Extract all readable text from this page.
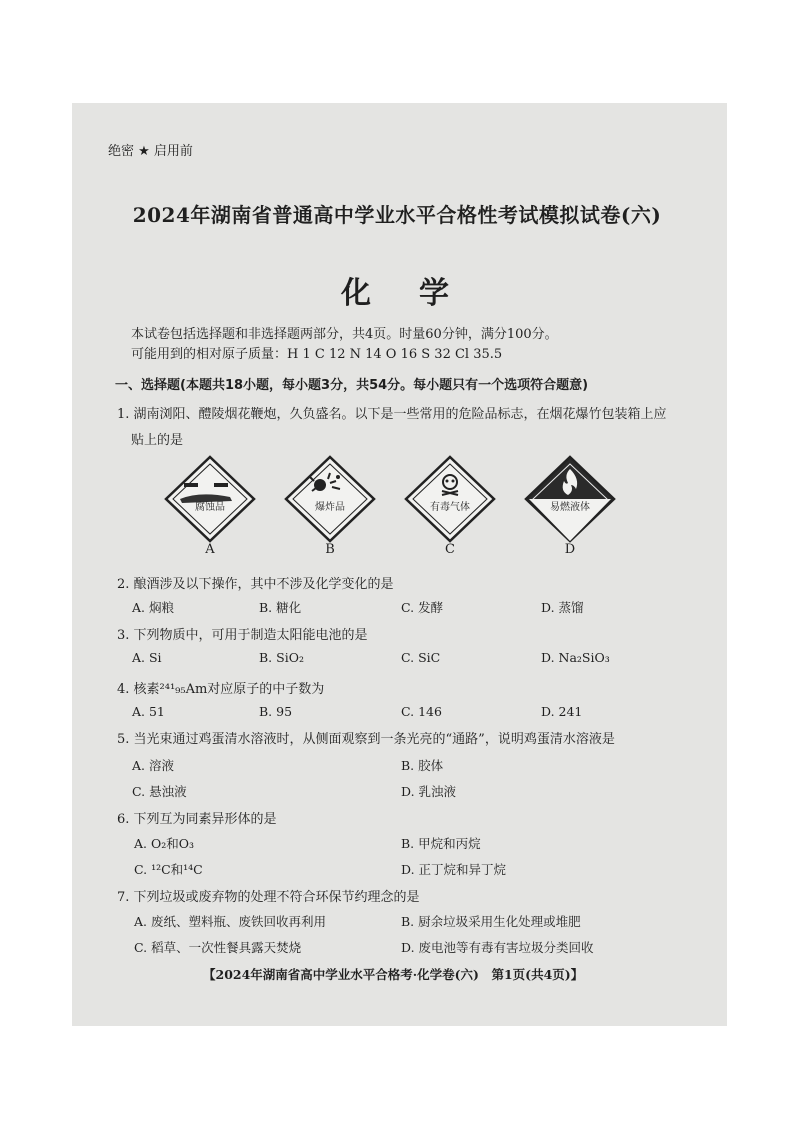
绝密 ★ 启用前
2024年湖南省普通高中学业水平合格性考试模拟试卷(六)
化 学
本试卷包括选择题和非选择题两部分，共4页。时量60分钟，满分100分。
可能用到的相对原子质量：H 1 C 12 N 14 O 16 S 32 Cl 35.5
一、选择题(本题共18小题，每小题3分，共54分。每小题只有一个选项符合题意)
1. 湖南浏阳、醴陵烟花鞭炮，久负盛名。以下是一些常用的危险品标志，在烟花爆竹包装箱上应
贴上的是
腐蚀品
A
爆炸品
B
有毒气体
C
易燃液体
D
2. 酿酒涉及以下操作，其中不涉及化学变化的是
A. 焖粮	B. 糖化	C. 发酵	D. 蒸馏
3. 下列物质中，可用于制造太阳能电池的是
A. Si	B. SiO₂	C. SiC	D. Na₂SiO₃
4. 核素²⁴¹₉₅Am对应原子的中子数为
A. 51	B. 95	C. 146	D. 241
5. 当光束通过鸡蛋清水溶液时，从侧面观察到一条光亮的“通路”，说明鸡蛋清水溶液是
A. 溶液	B. 胶体
C. 悬浊液	D. 乳浊液
6. 下列互为同素异形体的是
A. O₂和O₃	B. 甲烷和丙烷
C. ¹²C和¹⁴C	D. 正丁烷和异丁烷
7. 下列垃圾或废弃物的处理不符合环保节约理念的是
A. 废纸、塑料瓶、废铁回收再利用	B. 厨余垃圾采用生化处理或堆肥
C. 稻草、一次性餐具露天焚烧	D. 废电池等有毒有害垃圾分类回收
【2024年湖南省高中学业水平合格考·化学卷(六)　第1页(共4页)】
